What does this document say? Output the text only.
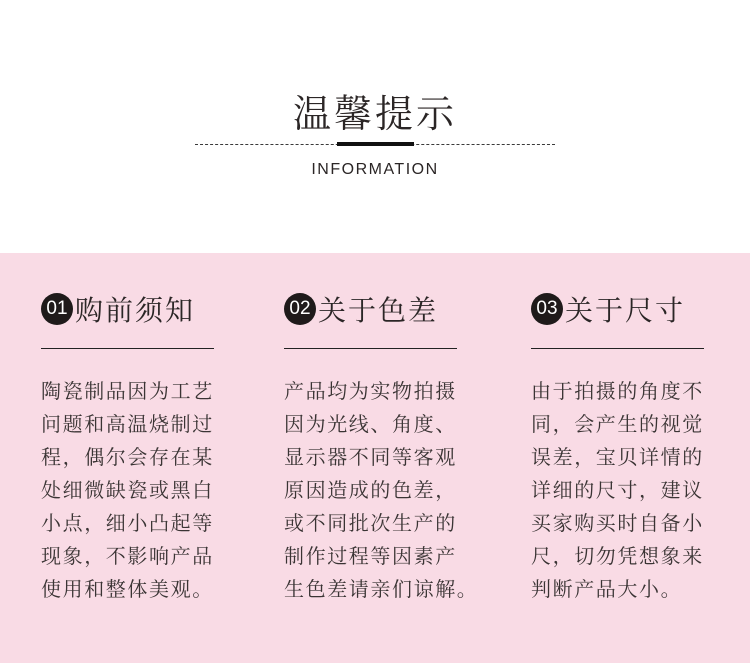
温馨提示
INFORMATION
01 购前须知
陶瓷制品因为工艺
问题和高温烧制过
程，偶尔会存在某
处细微缺瓷或黑白
小点，细小凸起等
现象，不影响产品
使用和整体美观。
02 关于色差
产品均为实物拍摄
因为光线、角度、
显示器不同等客观
原因造成的色差，
或不同批次生产的
制作过程等因素产
生色差请亲们谅解。
03 关于尺寸
由于拍摄的角度不
同，会产生的视觉
误差，宝贝详情的
详细的尺寸，建议
买家购买时自备小
尺，切勿凭想象来
判断产品大小。
